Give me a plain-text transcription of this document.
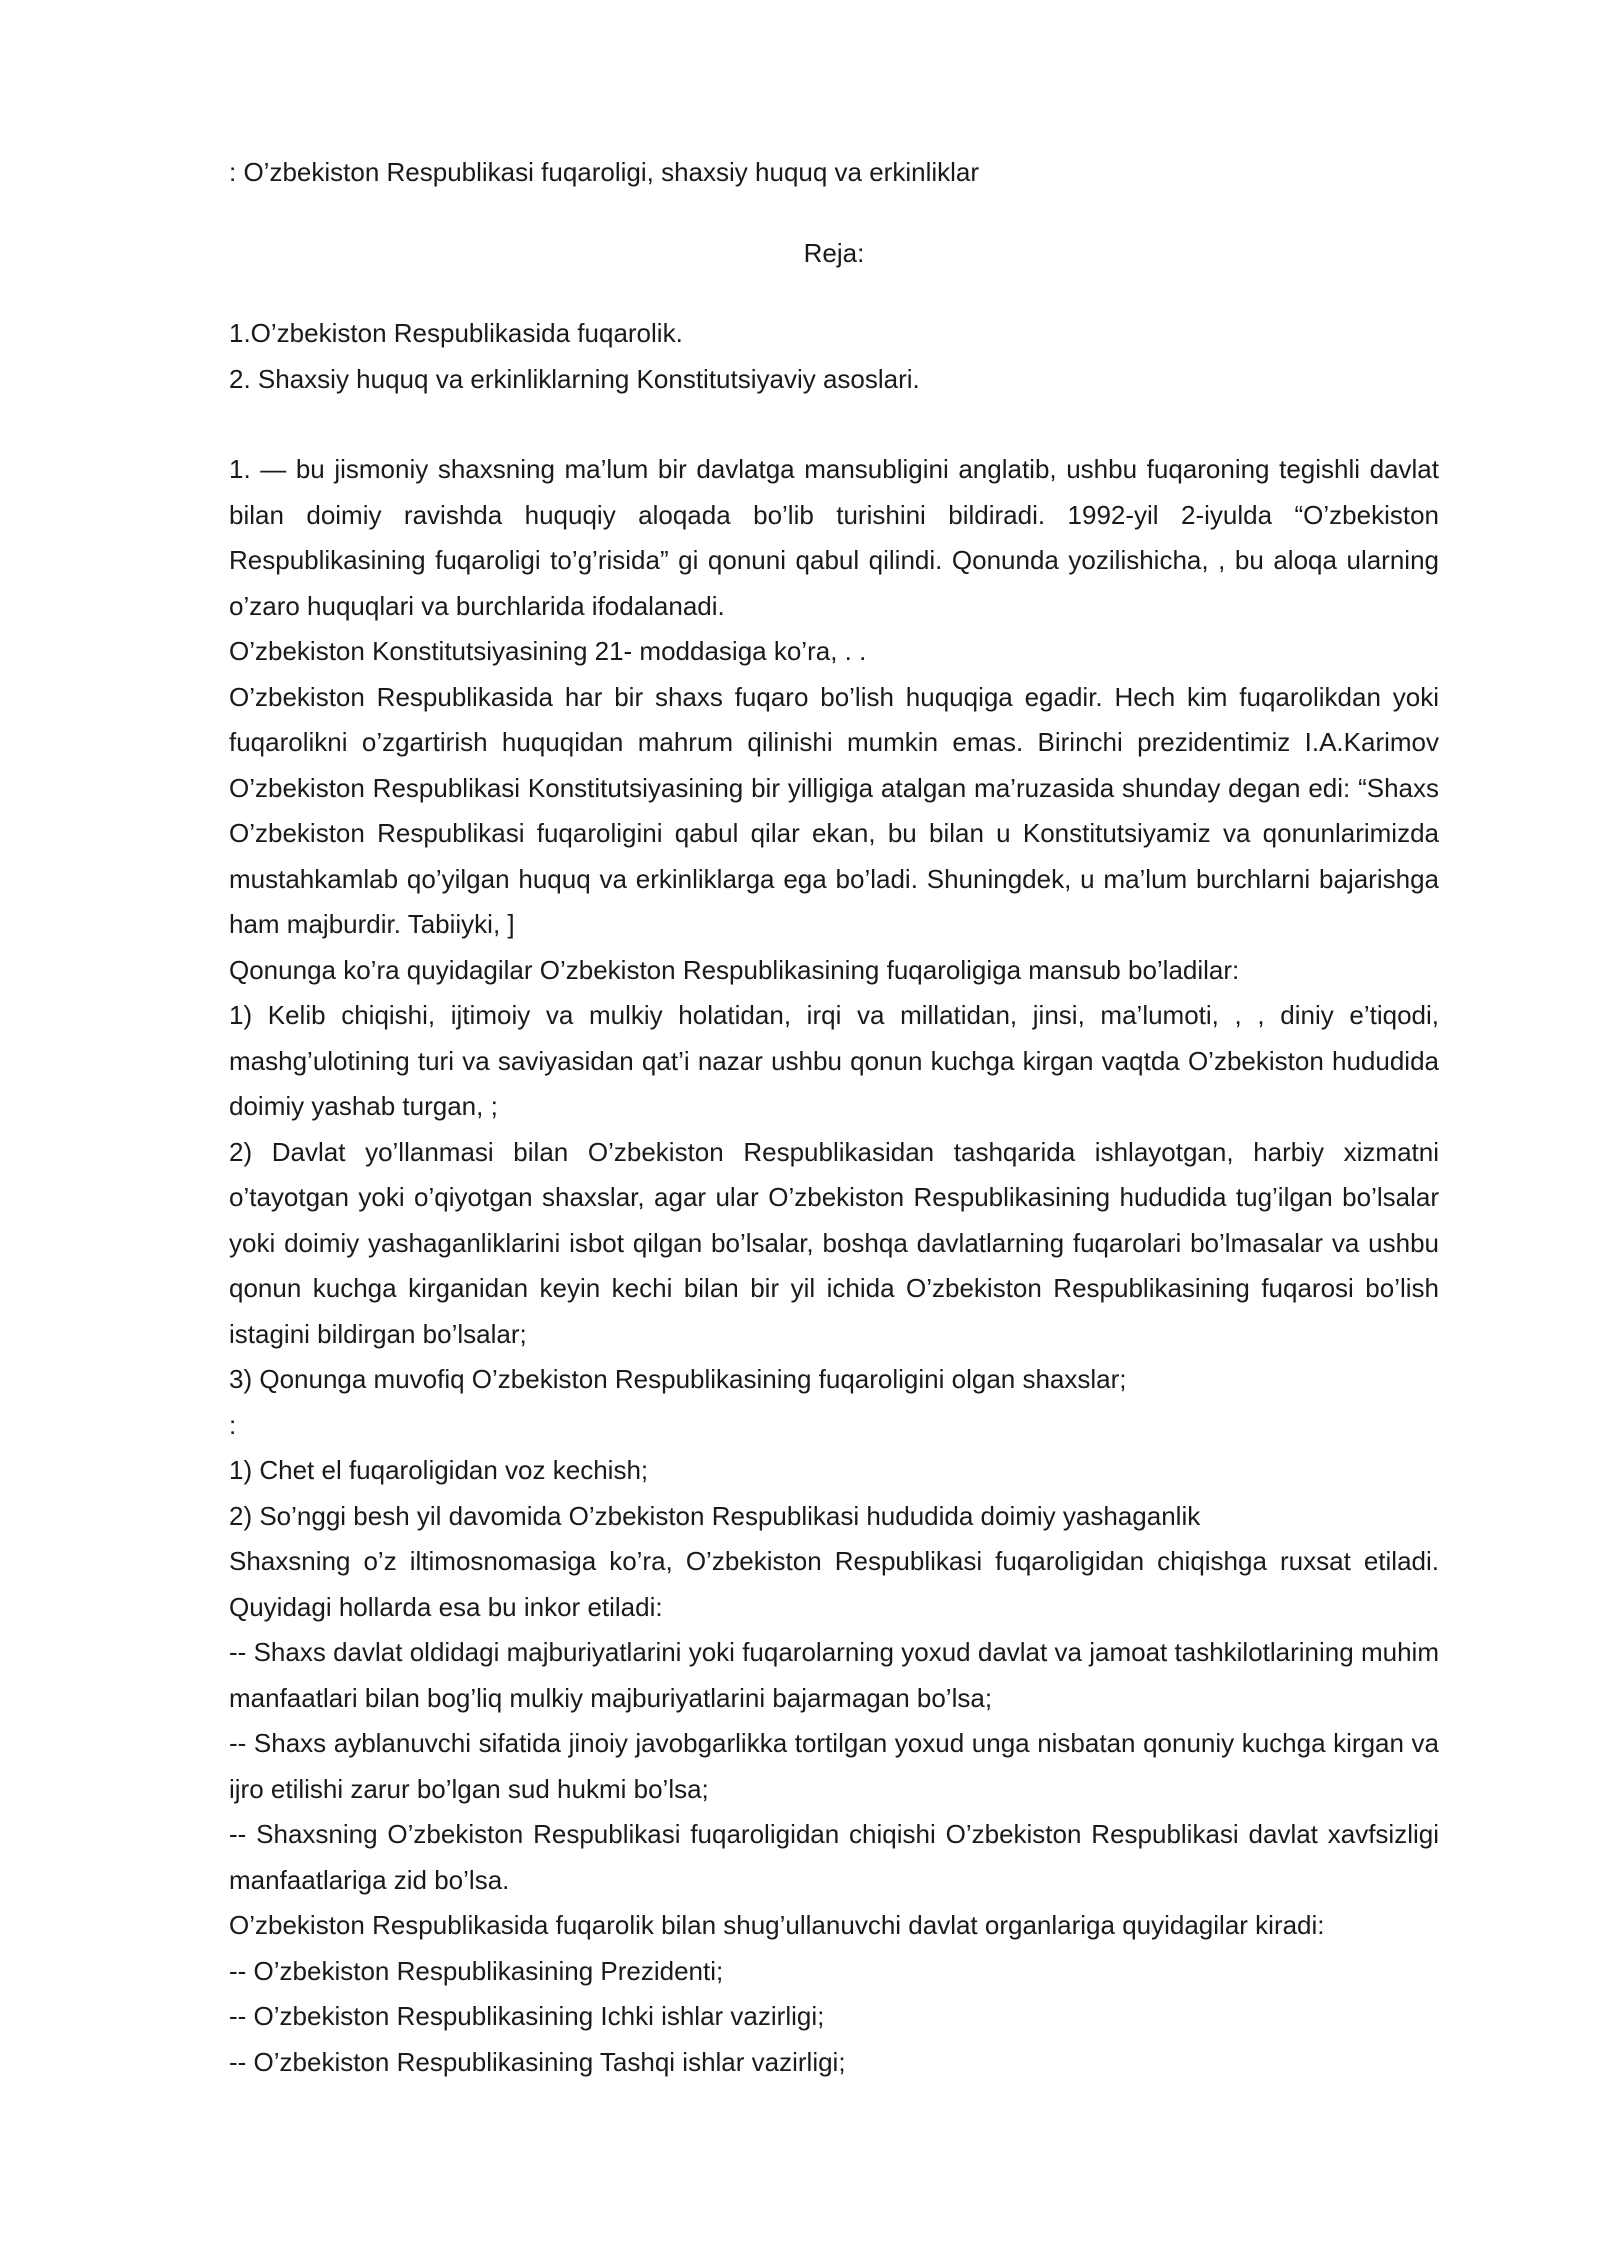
: O’zbekiston Respublikasi fuqaroligi, shaxsiy huquq va erkinliklar

Reja:

1.O’zbekiston Respublikasida fuqarolik.

2. Shaxsiy huquq va erkinliklarning Konstitutsiyaviy asoslari.

1. — bu jismoniy shaxsning ma’lum bir davlatga mansubligini anglatib, ushbu fuqaroning tegishli davlat bilan doimiy ravishda huquqiy aloqada bo’lib turishini bildiradi. 1992-yil 2-iyulda “O’zbekiston Respublikasining fuqaroligi to’g’risida” gi qonuni qabul qilindi. Qonunda yozilishicha, , bu aloqa ularning o’zaro huquqlari va burchlarida ifodalanadi.

O’zbekiston Konstitutsiyasining 21- moddasiga ko’ra, . .

O’zbekiston Respublikasida har bir shaxs fuqaro bo’lish huquqiga egadir. Hech kim fuqarolikdan yoki fuqarolikni o’zgartirish huquqidan mahrum qilinishi mumkin emas. Birinchi prezidentimiz I.A.Karimov O’zbekiston Respublikasi Konstitutsiyasining bir yilligiga atalgan ma’ruzasida shunday degan edi: “Shaxs O’zbekiston Respublikasi fuqaroligini qabul qilar ekan, bu bilan u Konstitutsiyamiz va qonunlarimizda mustahkamlab qo’yilgan huquq va erkinliklarga ega bo’ladi. Shuningdek, u ma’lum burchlarni bajarishga ham majburdir. Tabiiyki, ]

Qonunga ko’ra quyidagilar O’zbekiston Respublikasining fuqaroligiga mansub bo’ladilar:

1) Kelib chiqishi, ijtimoiy va mulkiy holatidan, irqi va millatidan, jinsi, ma’lumoti, , , diniy e’tiqodi, mashg’ulotining turi va saviyasidan qat’i nazar ushbu qonun kuchga kirgan vaqtda O’zbekiston hududida doimiy yashab turgan, ;

2) Davlat yo’llanmasi bilan O’zbekiston Respublikasidan tashqarida ishlayotgan, harbiy xizmatni o’tayotgan yoki o’qiyotgan shaxslar, agar ular O’zbekiston Respublikasining hududida tug’ilgan bo’lsalar yoki doimiy yashaganliklarini isbot qilgan bo’lsalar, boshqa davlatlarning fuqarolari bo’lmasalar va ushbu qonun kuchga kirganidan keyin kechi bilan bir yil ichida O’zbekiston Respublikasining fuqarosi bo’lish istagini bildirgan bo’lsalar;

3) Qonunga muvofiq O’zbekiston Respublikasining fuqaroligini olgan shaxslar;

:

1) Chet el fuqaroligidan voz kechish;

2) So’nggi besh yil davomida O’zbekiston Respublikasi hududida doimiy yashaganlik

Shaxsning o’z iltimosnomasiga ko’ra, O’zbekiston Respublikasi fuqaroligidan chiqishga ruxsat etiladi. Quyidagi hollarda esa bu inkor etiladi:

-- Shaxs davlat oldidagi majburiyatlarini yoki fuqarolarning yoxud davlat va jamoat tashkilotlarining muhim manfaatlari bilan bog’liq mulkiy majburiyatlarini bajarmagan bo’lsa;

-- Shaxs ayblanuvchi sifatida jinoiy javobgarlikka tortilgan yoxud unga nisbatan qonuniy kuchga kirgan va ijro etilishi zarur bo’lgan sud hukmi bo’lsa;

-- Shaxsning O’zbekiston Respublikasi fuqaroligidan chiqishi O’zbekiston Respublikasi davlat xavfsizligi manfaatlariga zid bo’lsa.

O’zbekiston Respublikasida fuqarolik bilan shug’ullanuvchi davlat organlariga quyidagilar kiradi:

-- O’zbekiston Respublikasining Prezidenti;

-- O’zbekiston Respublikasining Ichki ishlar vazirligi;

-- O’zbekiston Respublikasining Tashqi ishlar vazirligi;
